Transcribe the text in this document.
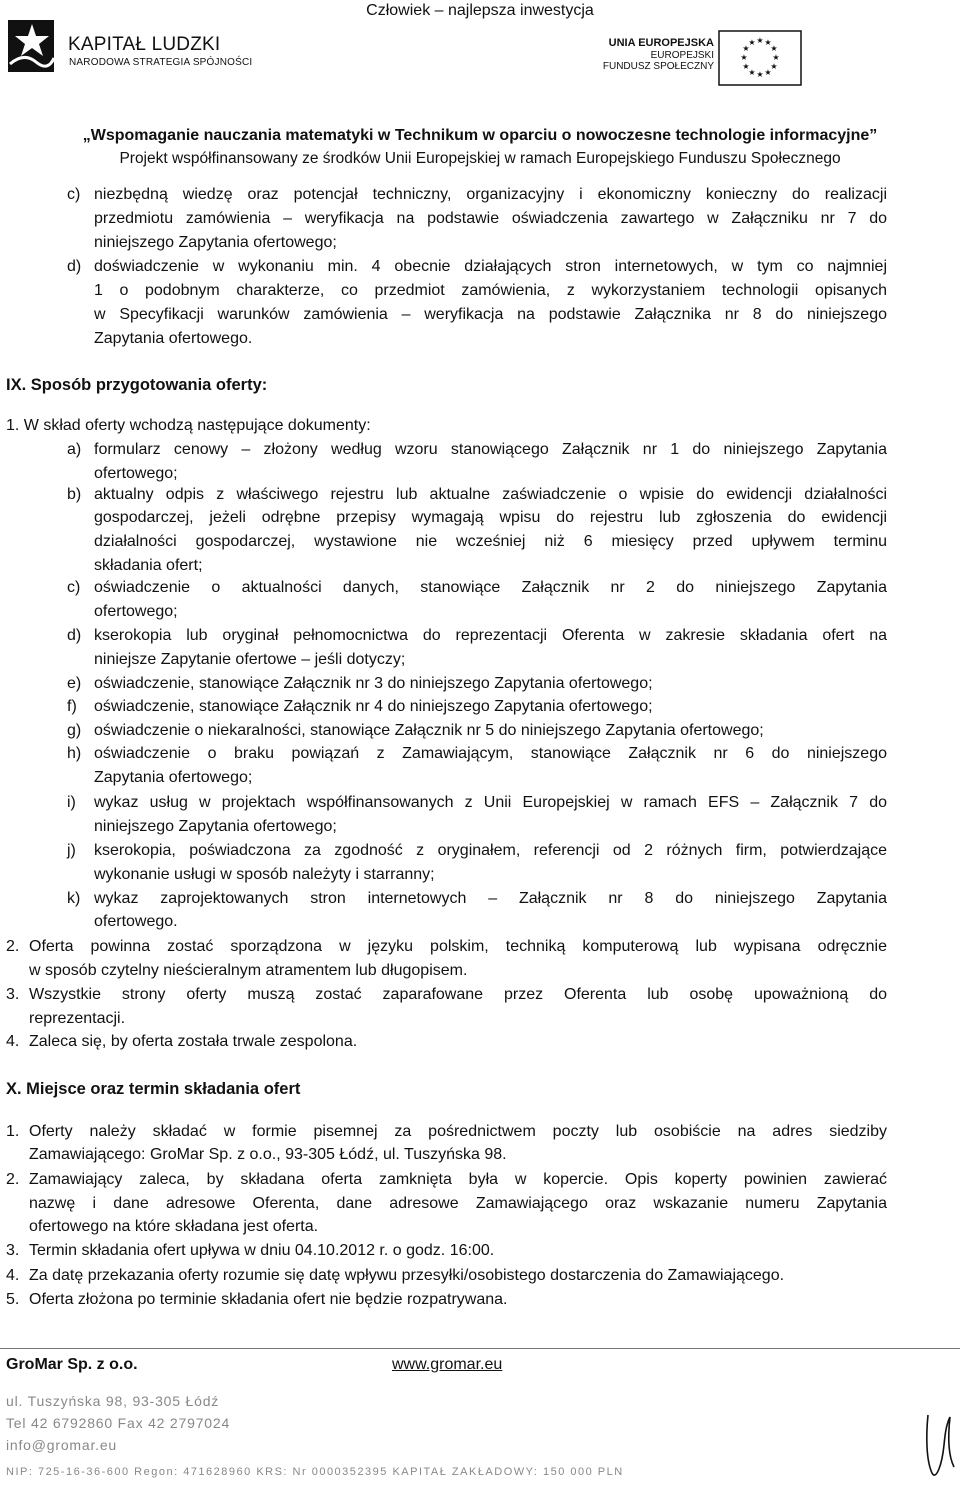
Człowiek – najlepsza inwestycja
KAPITAŁ LUDZKI
NARODOWA STRATEGIA SPÓJNOŚCI
UNIA EUROPEJSKA
EUROPEJSKI
FUNDUSZ SPOŁECZNY
★ ★
★
★
★
★
★
★
★
★
★
★
„Wspomaganie nauczania matematyki w Technikum w oparciu o nowoczesne technologie informacyjne”
Projekt współfinansowany ze środków Unii Europejskiej w ramach Europejskiego Funduszu Społecznego
c) niezbędną wiedzę oraz potencjał techniczny, organizacyjny i ekonomiczny konieczny do realizacji
przedmiotu zamówienia – weryfikacja na podstawie oświadczenia zawartego w Załączniku nr 7 do
niniejszego Zapytania ofertowego;
d) doświadczenie w wykonaniu min. 4 obecnie działających stron internetowych, w tym co najmniej
1 o podobnym charakterze, co przedmiot zamówienia, z wykorzystaniem technologii opisanych
w Specyfikacji warunków zamówienia – weryfikacja na podstawie Załącznika nr 8 do niniejszego
Zapytania ofertowego.
IX. Sposób przygotowania oferty:
1. W skład oferty wchodzą następujące dokumenty:
a) formularz cenowy – złożony według wzoru stanowiącego Załącznik nr 1 do niniejszego Zapytania
ofertowego;
b) aktualny odpis z właściwego rejestru lub aktualne zaświadczenie o wpisie do ewidencji działalności
gospodarczej, jeżeli odrębne przepisy wymagają wpisu do rejestru lub zgłoszenia do ewidencji
działalności gospodarczej, wystawione nie wcześniej niż 6 miesięcy przed upływem terminu
składania ofert;
c) oświadczenie o aktualności danych, stanowiące Załącznik nr 2 do niniejszego Zapytania
ofertowego;
d) kserokopia lub oryginał pełnomocnictwa do reprezentacji Oferenta w zakresie składania ofert na
niniejsze Zapytanie ofertowe – jeśli dotyczy;
e) oświadczenie, stanowiące Załącznik nr 3 do niniejszego Zapytania ofertowego;
f) oświadczenie, stanowiące Załącznik nr 4 do niniejszego Zapytania ofertowego;
g) oświadczenie o niekaralności, stanowiące Załącznik nr 5 do niniejszego Zapytania ofertowego;
h) oświadczenie o braku powiązań z Zamawiającym, stanowiące Załącznik nr 6 do niniejszego
Zapytania ofertowego;
i) wykaz usług w projektach współfinansowanych z Unii Europejskiej w ramach EFS – Załącznik 7 do
niniejszego Zapytania ofertowego;
j) kserokopia, poświadczona za zgodność z oryginałem, referencji od 2 różnych firm, potwierdzające
wykonanie usługi w sposób należyty i starranny;
k) wykaz zaprojektowanych stron internetowych – Załącznik nr 8 do niniejszego Zapytania
ofertowego.
2. Oferta powinna zostać sporządzona w języku polskim, techniką komputerową lub wypisana odręcznie
w sposób czytelny nieścieralnym atramentem lub długopisem.
3. Wszystkie strony oferty muszą zostać zaparafowane przez Oferenta lub osobę upoważnioną do
reprezentacji.
4. Zaleca się, by oferta została trwale zespolona.
X. Miejsce oraz termin składania ofert
1. Oferty należy składać w formie pisemnej za pośrednictwem poczty lub osobiście na adres siedziby
Zamawiającego: GroMar Sp. z o.o., 93-305 Łódź, ul. Tuszyńska 98.
2. Zamawiający zaleca, by składana oferta zamknięta była w kopercie. Opis koperty powinien zawierać
nazwę i dane adresowe Oferenta, dane adresowe Zamawiającego oraz wskazanie numeru Zapytania
ofertowego na które składana jest oferta.
3. Termin składania ofert upływa w dniu 04.10.2012 r. o godz. 16:00.
4. Za datę przekazania oferty rozumie się datę wpływu przesyłki/osobistego dostarczenia do Zamawiającego.
5. Oferta złożona po terminie składania ofert nie będzie rozpatrywana.
GroMar Sp. z o.o.	www.gromar.eu
ul. Tuszyńska 98, 93-305 Łódź
Tel 42 6792860 Fax 42 2797024
info@gromar.eu
NIP: 725-16-36-600 Regon: 471628960 KRS: Nr 0000352395 KAPITAŁ ZAKŁADOWY: 150 000 PLN
